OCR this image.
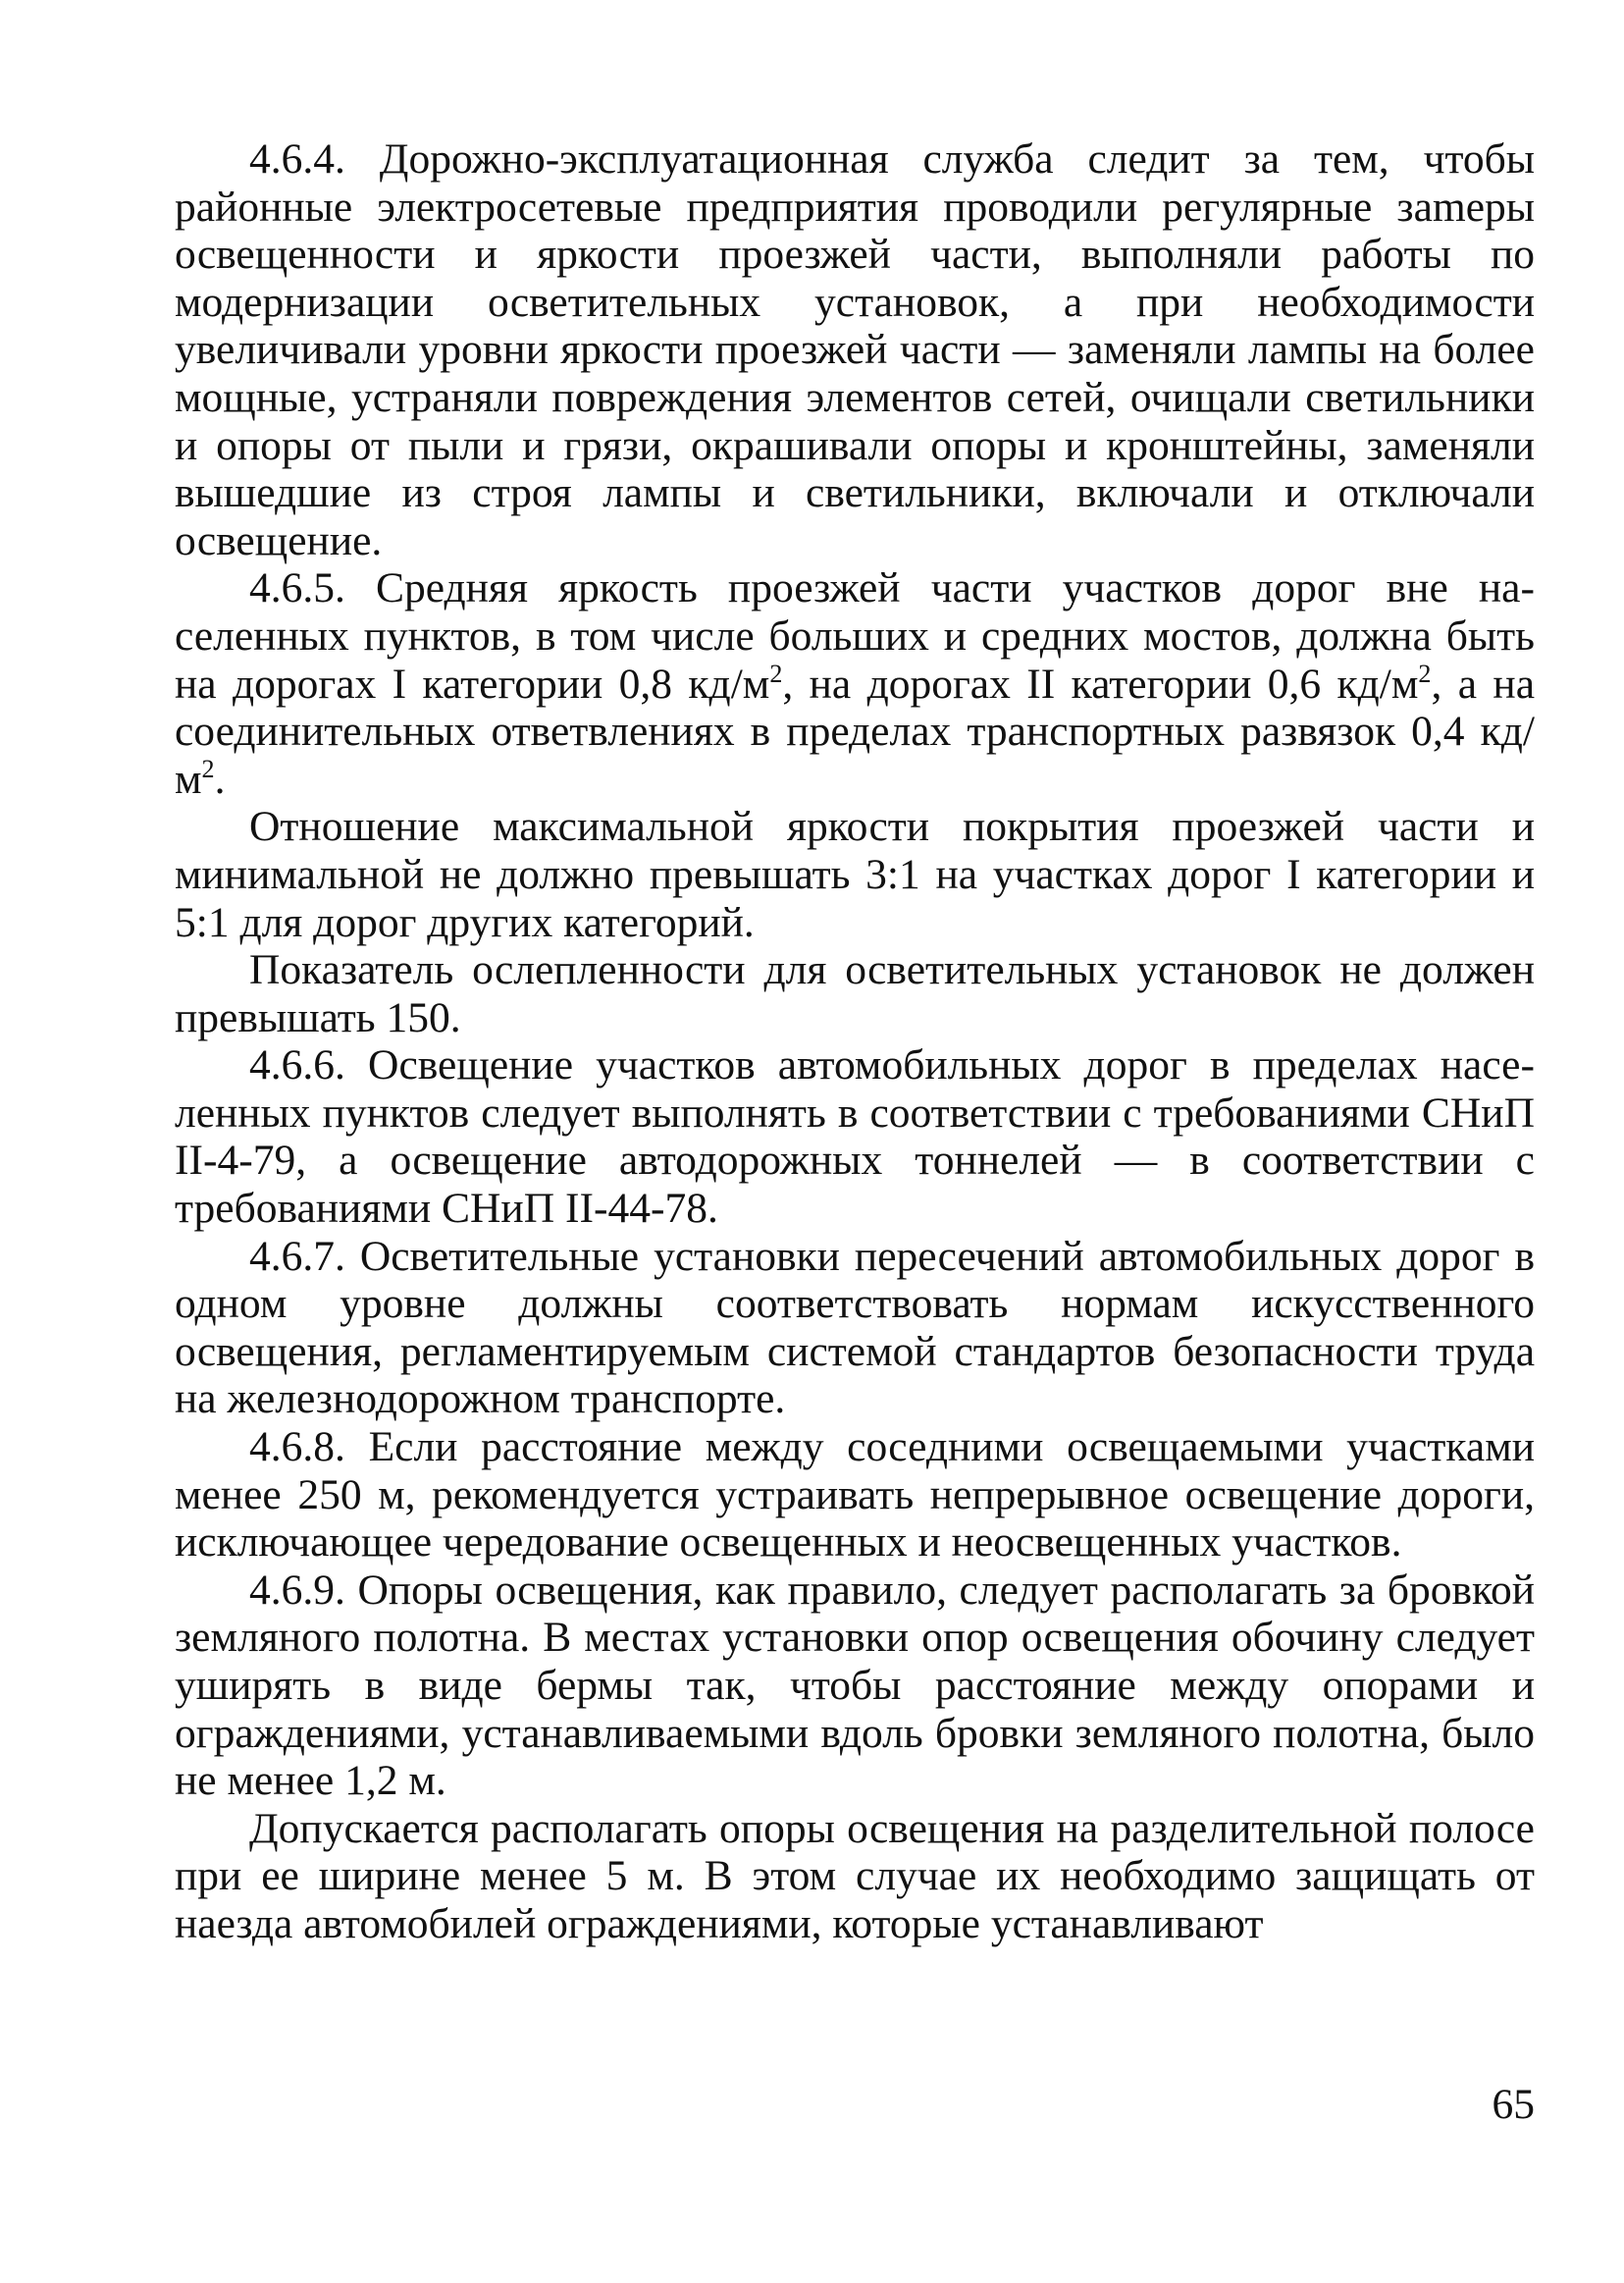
4.6.4. Дорожно-эксплуатационная служба следит за тем, чтобы районные электросетевые предприятия проводили регулярные заmеры освещенности и яркости проезжей части, выполняли работы по модернизации осветительных установок, а при необходимости увеличивали уровни яркости проезжей части — заменяли лампы на более мощные, устраняли повреждения элементов сетей, очищали светильники и опоры от пыли и грязи, окрашивали опоры и кронштейны, заменяли вышедшие из строя лампы и светильники, включали и отключали освещение.

4.6.5. Средняя яркость проезжей части участков дорог вне населенных пунктов, в том числе больших и средних мостов, должна быть на дорогах I категории 0,8 $кд/м^2$, на дорогах II категории 0,6 $кд/м^2$, а на соединительных ответвлениях в пределах транспортных развязок 0,4 $кд/м^2$.

Отношение максимальной яркости покрытия проезжей части и минимальной не должно превышать 3:1 на участках дорог I категории и 5:1 для дорог других категорий.

Показатель ослепленности для осветительных установок не должен превышать 150.

4.6.6. Освещение участков автомобильных дорог в пределах населенных пунктов следует выполнять в соответствии с требованиями СНиП II-4-79, а освещение автодорожных тоннелей — в соответствии с требованиями СНиП II-44-78.

4.6.7. Осветительные установки пересечений автомобильных дорог в одном уровне должны соответствовать нормам искусственного освещения, регламентируемым системой стандартов безопасности труда на железнодорожном транспорте.

4.6.8. Если расстояние между соседними освещаемыми участками менее 250 м, рекомендуется устраивать непрерывное освещение дороги, исключающее чередование освещенных и неосвещенных участков.

4.6.9. Опоры освещения, как правило, следует располагать за бровкой земляного полотна. В местах установки опор освещения обочину следует уширять в виде бермы так, чтобы расстояние между опорами и ограждениями, устанавливаемыми вдоль бровки земляного полотна, было не менее 1,2 м.

Допускается располагать опоры освещения на разделительной полосе при ее ширине менее 5 м. В этом случае их необходимо защищать от наезда автомобилей ограждениями, которые устанавливают

65
